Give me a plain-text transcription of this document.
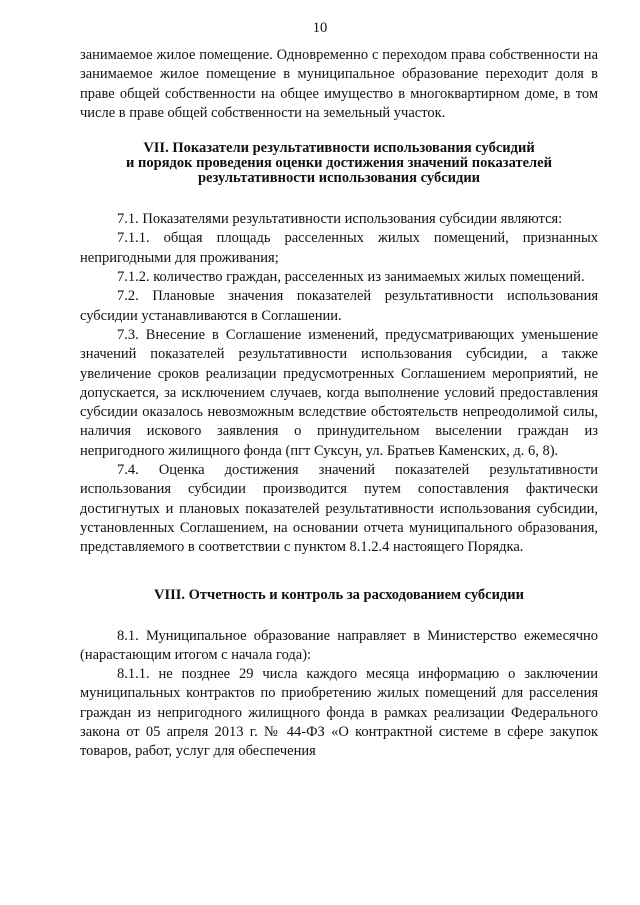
10

занимаемое жилое помещение. Одновременно с переходом права собственности на занимаемое жилое помещение в муниципальное образование переходит доля в праве общей собственности на общее имущество в многоквартирном доме, в том числе в праве общей собственности на земельный участок.

VII. Показатели результативности использования субсидий
и порядок проведения оценки достижения значений показателей
результативности использования субсидии

7.1. Показателями результативности использования субсидии являются:

7.1.1. общая площадь расселенных жилых помещений, признанных непригодными для проживания;

7.1.2. количество граждан, расселенных из занимаемых жилых помещений.

7.2. Плановые значения показателей результативности использования субсидии устанавливаются в Соглашении.

7.3. Внесение в Соглашение изменений, предусматривающих уменьшение значений показателей результативности использования субсидии, а также увеличение сроков реализации предусмотренных Соглашением мероприятий, не допускается, за исключением случаев, когда выполнение условий предоставления субсидии оказалось невозможным вследствие обстоятельств непреодолимой силы, наличия искового заявления о принудительном выселении граждан из непригодного жилищного фонда (пгт Суксун, ул. Братьев Каменских, д. 6, 8).

7.4. Оценка достижения значений показателей результативности использования субсидии производится путем сопоставления фактически достигнутых и плановых показателей результативности использования субсидии, установленных Соглашением, на основании отчета муниципального образования, представляемого в соответствии с пунктом 8.1.2.4 настоящего Порядка.

VIII. Отчетность и контроль за расходованием субсидии

8.1. Муниципальное образование направляет в Министерство ежемесячно (нарастающим итогом с начала года):

8.1.1. не позднее 29 числа каждого месяца информацию о заключении муниципальных контрактов по приобретению жилых помещений для расселения граждан из непригодного жилищного фонда в рамках реализации Федерального закона от 05 апреля 2013 г. № 44-ФЗ «О контрактной системе в сфере закупок товаров, работ, услуг для обеспечения
